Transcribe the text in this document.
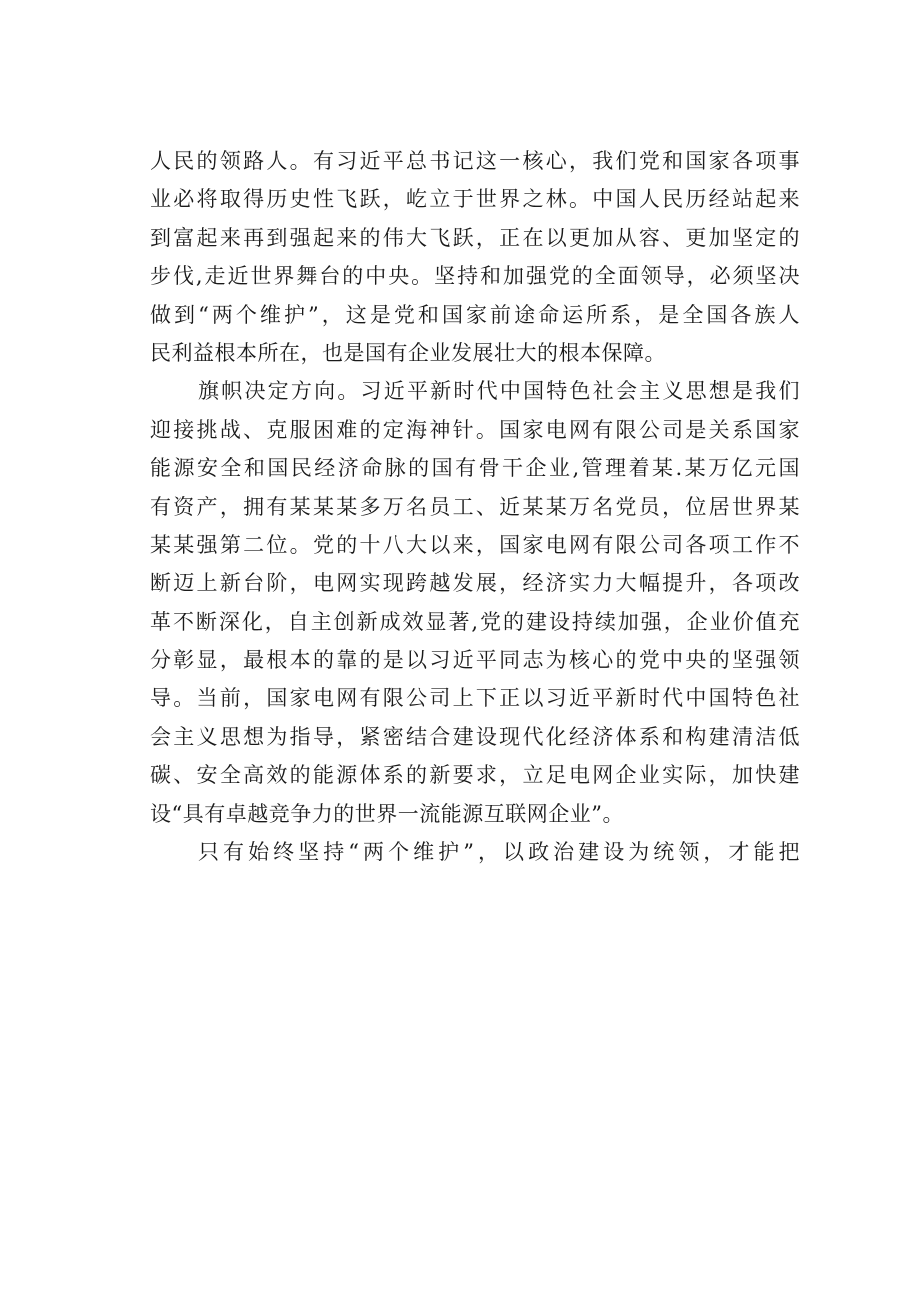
人民的领路人。有习近平总书记这一核心，我们党和国家各项事
业必将取得历史性飞跃，屹立于世界之林。中国人民历经站起来
到富起来再到强起来的伟大飞跃，正在以更加从容、更加坚定的
步伐,走近世界舞台的中央。坚持和加强党的全面领导，必须坚决
做到“两个维护”，这是党和国家前途命运所系，是全国各族人
民利益根本所在，也是国有企业发展壮大的根本保障。
旗帜决定方向。习近平新时代中国特色社会主义思想是我们
迎接挑战、克服困难的定海神针。国家电网有限公司是关系国家
能源安全和国民经济命脉的国有骨干企业,管理着某.某万亿元国
有资产，拥有某某某多万名员工、近某某万名党员，位居世界某
某某强第二位。党的十八大以来，国家电网有限公司各项工作不
断迈上新台阶，电网实现跨越发展，经济实力大幅提升，各项改
革不断深化，自主创新成效显著,党的建设持续加强，企业价值充
分彰显，最根本的靠的是以习近平同志为核心的党中央的坚强领
导。当前，国家电网有限公司上下正以习近平新时代中国特色社
会主义思想为指导，紧密结合建设现代化经济体系和构建清洁低
碳、安全高效的能源体系的新要求，立足电网企业实际，加快建
设“具有卓越竞争力的世界一流能源互联网企业”。
只有始终坚持“两个维护”，以政治建设为统领，才能把
